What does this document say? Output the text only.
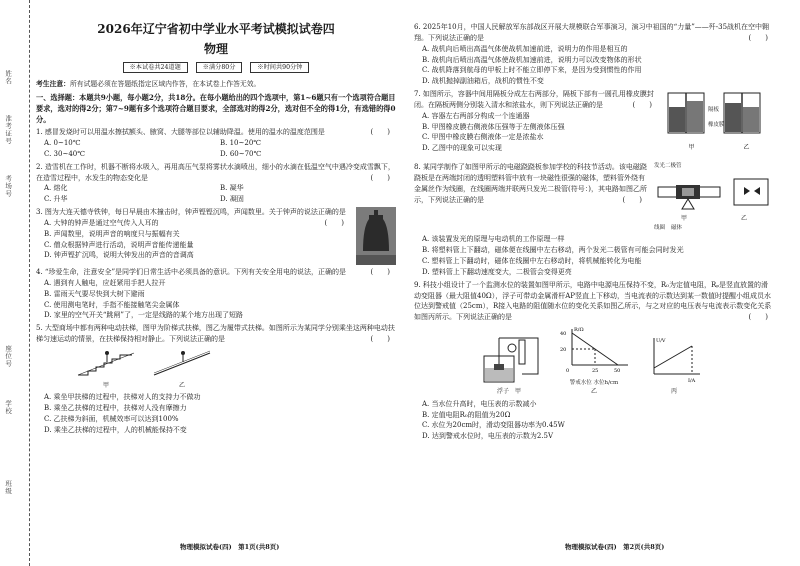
姓名
准考证号
考场号
座位号
学校
班级
2026年辽宁省初中学业水平考试模拟试卷四
物理
※本试卷共24道题	※满分80分	※时间共90分钟
考生注意：所有试题必须在答题纸指定区域内作答，在本试卷上作答无效。
一、选择题：本题共9小题，每小题2分，共18分。在每小题给出的四个选项中，第1~6题只有一个选项符合题目要求，选对的得2分；第7~9题有多个选项符合题目要求，全部选对的得2分，选对但不全的得1分，有选错的得0分。
1. 感冒发烧时可以用温水擦拭额头、腋窝、大腿等部位以辅助降温。使用的温水的温度范围是	(　　)
A. 0~10℃	B. 10~20℃
C. 30~40℃	D. 60~70℃
2. 造雪机在工作时，机器不断将水吸入，再用高压气泵将雾状水滴喷出，细小的水滴在低温空气中遇冷变成雪飘下，在造雪过程中，水发生的物态变化是	(　　)
A. 熔化	B. 凝华
C. 升华	D. 凝固
3. 图为大连天德寺铁钟，每日早晨由木撞击时，钟声铿铿沉鸣，声闻数里。关于钟声的说法正确的是
(　　)
A. 大钟的钟声是通过空气传入人耳的
B. 声闻数里，说明声音的响度只与振幅有关
C. 僧众根据钟声进行活动，说明声音能传递能量
D. 钟声铿扩沉鸣，说明大钟发出的声音的音调高
4. “珍爱生命，注意安全”是同学们日常生活中必须具备的意识。下列有关安全用电的说法，正确的是	(　　)
A. 遇到有人触电，应赶紧用手把人拉开
B. 雷雨天气要尽快到大树下避雨
C. 使用测电笔时，手指不能接触笔尖金属体
D. 家里的空气开关“跳闸”了，一定是线路的某个地方出现了短路
5. 大型商场中都有两种电动扶梯，图甲为阶梯式扶梯，图乙为履带式扶梯。如图所示为某同学分别乘坐这两种电动扶梯匀速运动的情景，在扶梯保持相对静止。下列说法正确的是	(　　)
甲	乙
A. 乘坐甲扶梯的过程中，扶梯对人的支持力不做功
B. 乘坐乙扶梯的过程中，扶梯对人没有摩擦力
C. 乙扶梯为斜面，机械效率可以达到100%
D. 乘坐乙扶梯的过程中，人的机械能保持不变
物理模拟试卷(四)　第1页(共8页)
6. 2025年10月，中国人民解放军东部战区开展大规模联合军事演习，演习中祖国的“力量”——歼-35战机在空中翱翔。下列说法正确的是	(　　)
A. 战机向后喷出高温气体使战机加速前进，说明力的作用是相互的
B. 战机向后喷出高温气体使战机加速前进，说明力可以改变物体的形状
C. 战机降落到航母的甲板上时不能立即停下来，是因为受到惯性的作用
D. 战机抛掉副油箱后，战机的惯性不变
7. 如图所示，容器中间用隔板分成左右两部分，隔板下部有一圆孔用橡皮膜封闭。在隔板两侧分别装入清水和浓盐水，则下列说法正确的是	(　　)
A. 容器左右两部分构成一个连通器
B. 甲图橡皮膜右侧液体压强等于左侧液体压强
C. 甲图中橡皮膜右侧液体一定是浓盐水
D. 乙图中的现象可以实现	甲	乙
隔板
橡皮膜
8. 某同学制作了如图甲所示的电磁跷跷板参加学校的科技节活动。该电磁跷跷板是在两端封闭的透明塑料管中放有一块磁性很强的磁体，塑料管外绕有金属丝作为线圈，在线圈两端并联两只发光二极管(符号：)，其电路如图乙所示，下列说法正确的是	(　　)
发光二极管
甲	乙
线圈 磁体
A. 该装置发光的原理与电动机的工作原理一样
B. 将塑料管上下翻动，磁体便在线圈中左右移动，两个发光二极管有可能会同时发光
C. 塑料管上下翻动时，磁体在线圈中左右移动时，将机械能转化为电能
D. 塑料管上下翻动速度变大，二极管会变得更亮
9. 科技小组设计了一个监测水位的装置如图甲所示，电路中电源电压保持不变，R₀为定值电阻，Rₚ是竖直放置的滑动变阻器（最大阻值40Ω），浮子可带动金属滑杆AP竖直上下移动，当电流表的示数达到某一数值时提醒小组成员水位达到警戒值（25cm），R接入电路的阻值随水位的变化关系如图乙所示，与之对应的电压表与电流表示数变化关系如图丙所示。下列说法正确的是	(　　)
浮子　 甲
40
20
0	25	50
R/Ω
警戒水位 水位h/cm
乙
U/V
I/A
丙
A. 当水位升高时，电压表的示数减小
B. 定值电阻R₀的阻值为20Ω
C. 水位为20cm时，滑动变阻器功率为0.45W
D. 达到警戒水位时，电压表的示数为2.5V
物理模拟试卷(四)　第2页(共8页)
